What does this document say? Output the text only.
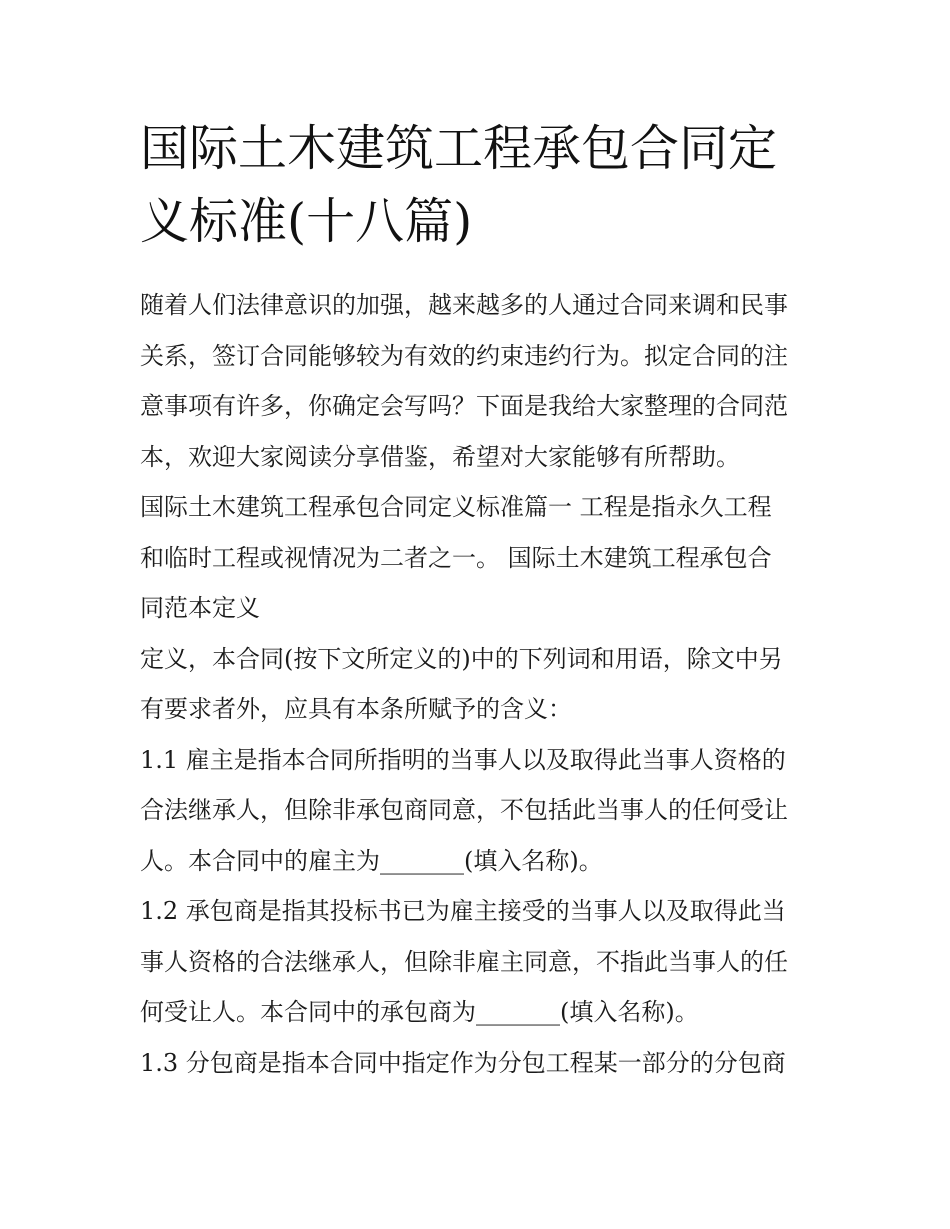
国际土木建筑工程承包合同定
义标准(十八篇)
随着人们法律意识的加强，越来越多的人通过合同来调和民事
关系，签订合同能够较为有效的约束违约行为。拟定合同的注
意事项有许多，你确定会写吗？下面是我给大家整理的合同范
本，欢迎大家阅读分享借鉴，希望对大家能够有所帮助。
国际土木建筑工程承包合同定义标准篇一 工程是指永久工程
和临时工程或视情况为二者之一。 国际土木建筑工程承包合
同范本定义
定义，本合同(按下文所定义的)中的下列词和用语，除文中另
有要求者外，应具有本条所赋予的含义：
1.1 雇主是指本合同所指明的当事人以及取得此当事人资格的
合法继承人，但除非承包商同意，不包括此当事人的任何受让
人。本合同中的雇主为_______(填入名称)。
1.2 承包商是指其投标书已为雇主接受的当事人以及取得此当
事人资格的合法继承人，但除非雇主同意，不指此当事人的任
何受让人。本合同中的承包商为_______(填入名称)。
1.3 分包商是指本合同中指定作为分包工程某一部分的分包商
